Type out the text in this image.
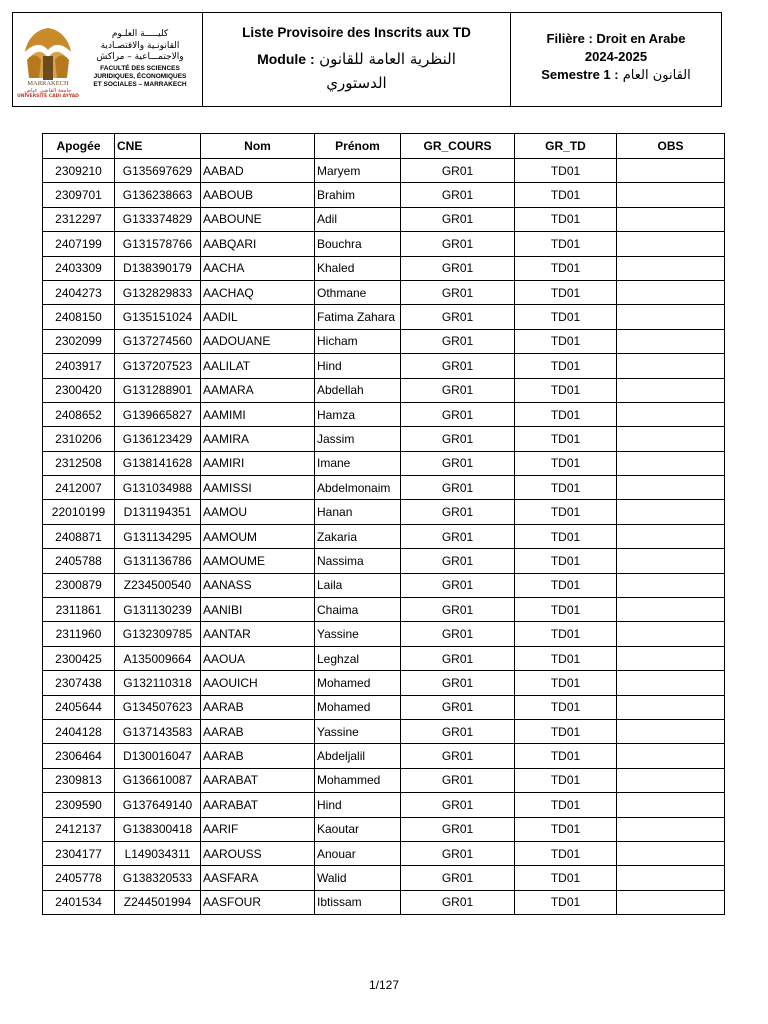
MARRAKECH
جامعة القاضي عياض
UNIVERSITÉ CADI AYYAD
كليـــــة العلـوم
القانونـية والاقتصـادية
والاجتمـــاعية – مراكش
FACULTÉ DES SCIENCES
JURIDIQUES, ÉCONOMIQUES
ET SOCIALES – MARRAKECH
Liste Provisoire des Inscrits aux TD
Module : النظرية العامة للقانون
الدستوري
Filière : Droit en Arabe
2024-2025
Semestre 1 : القانون العام
Apogée	CNE	Nom	Prénom	GR_COURS	GR_TD	OBS
2309210	G135697629	AABAD	Maryem	GR01	TD01	
2309701	G136238663	AABOUB	Brahim	GR01	TD01	
2312297	G133374829	AABOUNE	Adil	GR01	TD01	
2407199	G131578766	AABQARI	Bouchra	GR01	TD01	
2403309	D138390179	AACHA	Khaled	GR01	TD01	
2404273	G132829833	AACHAQ	Othmane	GR01	TD01	
2408150	G135151024	AADIL	Fatima Zahara	GR01	TD01	
2302099	G137274560	AADOUANE	Hicham	GR01	TD01	
2403917	G137207523	AALILAT	Hind	GR01	TD01	
2300420	G131288901	AAMARA	Abdellah	GR01	TD01	
2408652	G139665827	AAMIMI	Hamza	GR01	TD01	
2310206	G136123429	AAMIRA	Jassim	GR01	TD01	
2312508	G138141628	AAMIRI	Imane	GR01	TD01	
2412007	G131034988	AAMISSI	Abdelmonaim	GR01	TD01	
22010199	D131194351	AAMOU	Hanan	GR01	TD01	
2408871	G131134295	AAMOUM	Zakaria	GR01	TD01	
2405788	G131136786	AAMOUME	Nassima	GR01	TD01	
2300879	Z234500540	AANASS	Laila	GR01	TD01	
2311861	G131130239	AANIBI	Chaima	GR01	TD01	
2311960	G132309785	AANTAR	Yassine	GR01	TD01	
2300425	A135009664	AAOUA	Leghzal	GR01	TD01	
2307438	G132110318	AAOUICH	Mohamed	GR01	TD01	
2405644	G134507623	AARAB	Mohamed	GR01	TD01	
2404128	G137143583	AARAB	Yassine	GR01	TD01	
2306464	D130016047	AARAB	Abdeljalil	GR01	TD01	
2309813	G136610087	AARABAT	Mohammed	GR01	TD01	
2309590	G137649140	AARABAT	Hind	GR01	TD01	
2412137	G138300418	AARIF	Kaoutar	GR01	TD01	
2304177	L149034311	AAROUSS	Anouar	GR01	TD01	
2405778	G138320533	AASFARA	Walid	GR01	TD01	
2401534	Z244501994	AASFOUR	Ibtissam	GR01	TD01	
1/127
